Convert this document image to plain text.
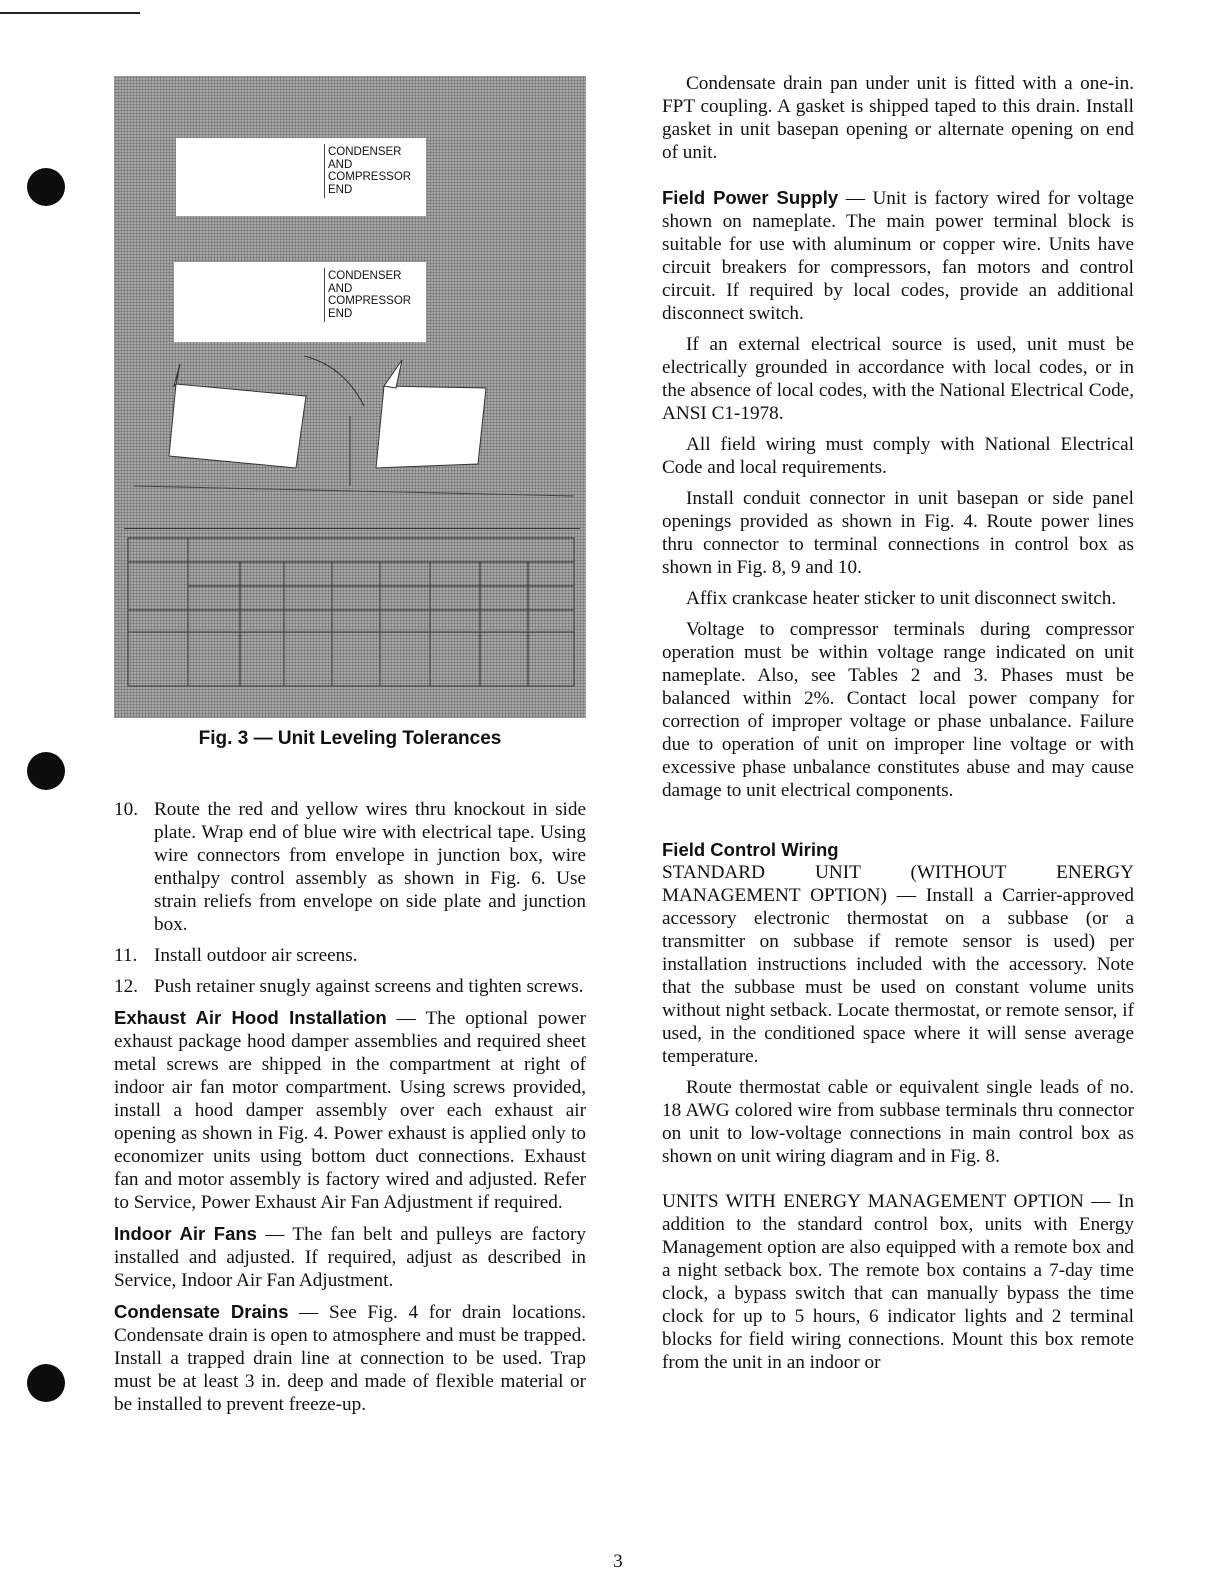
CONDENSER
AND
COMPRESSOR
END
CONDENSER
AND
COMPRESSOR
END
Fig. 3 — Unit Leveling Tolerances
10. Route the red and yellow wires thru knockout in side plate. Wrap end of blue wire with electrical tape. Using wire connectors from envelope in junction box, wire enthalpy control assembly as shown in Fig. 6. Use strain reliefs from envelope on side plate and junction box.
11. Install outdoor air screens.
12. Push retainer snugly against screens and tighten screws.

Exhaust Air Hood Installation — The optional power exhaust package hood damper assemblies and required sheet metal screws are shipped in the compartment at right of indoor air fan motor compartment. Using screws provided, install a hood damper assembly over each exhaust air opening as shown in Fig. 4. Power exhaust is applied only to economizer units using bottom duct connections. Exhaust fan and motor assembly is factory wired and adjusted. Refer to Service, Power Exhaust Air Fan Adjustment if required.

Indoor Air Fans — The fan belt and pulleys are factory installed and adjusted. If required, adjust as described in Service, Indoor Air Fan Adjustment.

Condensate Drains — See Fig. 4 for drain locations. Condensate drain is open to atmosphere and must be trapped. Install a trapped drain line at connection to be used. Trap must be at least 3 in. deep and made of flexible material or be installed to prevent freeze-up.

Condensate drain pan under unit is fitted with a one-in. FPT coupling. A gasket is shipped taped to this drain. Install gasket in unit basepan opening or alternate opening on end of unit.

Field Power Supply — Unit is factory wired for voltage shown on nameplate. The main power terminal block is suitable for use with aluminum or copper wire. Units have circuit breakers for compressors, fan motors and control circuit. If required by local codes, provide an additional disconnect switch.

If an external electrical source is used, unit must be electrically grounded in accordance with local codes, or in the absence of local codes, with the National Electrical Code, ANSI C1-1978.

All field wiring must comply with National Electrical Code and local requirements.

Install conduit connector in unit basepan or side panel openings provided as shown in Fig. 4. Route power lines thru connector to terminal connections in control box as shown in Fig. 8, 9 and 10.

Affix crankcase heater sticker to unit disconnect switch.

Voltage to compressor terminals during compressor operation must be within voltage range indicated on unit nameplate. Also, see Tables 2 and 3. Phases must be balanced within 2%. Contact local power company for correction of improper voltage or phase unbalance. Failure due to operation of unit on improper line voltage or with excessive phase unbalance constitutes abuse and may cause damage to unit electrical components.

Field Control Wiring

STANDARD UNIT (WITHOUT ENERGY MANAGEMENT OPTION) — Install a Carrier-approved accessory electronic thermostat on a subbase (or a transmitter on subbase if remote sensor is used) per installation instructions included with the accessory. Note that the subbase must be used on constant volume units without night setback. Locate thermostat, or remote sensor, if used, in the conditioned space where it will sense average temperature.

Route thermostat cable or equivalent single leads of no. 18 AWG colored wire from subbase terminals thru connector on unit to low-voltage connections in main control box as shown on unit wiring diagram and in Fig. 8.

UNITS WITH ENERGY MANAGEMENT OPTION — In addition to the standard control box, units with Energy Management option are also equipped with a remote box and a night setback box. The remote box contains a 7-day time clock, a bypass switch that can manually bypass the time clock for up to 5 hours, 6 indicator lights and 2 terminal blocks for field wiring connections. Mount this box remote from the unit in an indoor or

3
